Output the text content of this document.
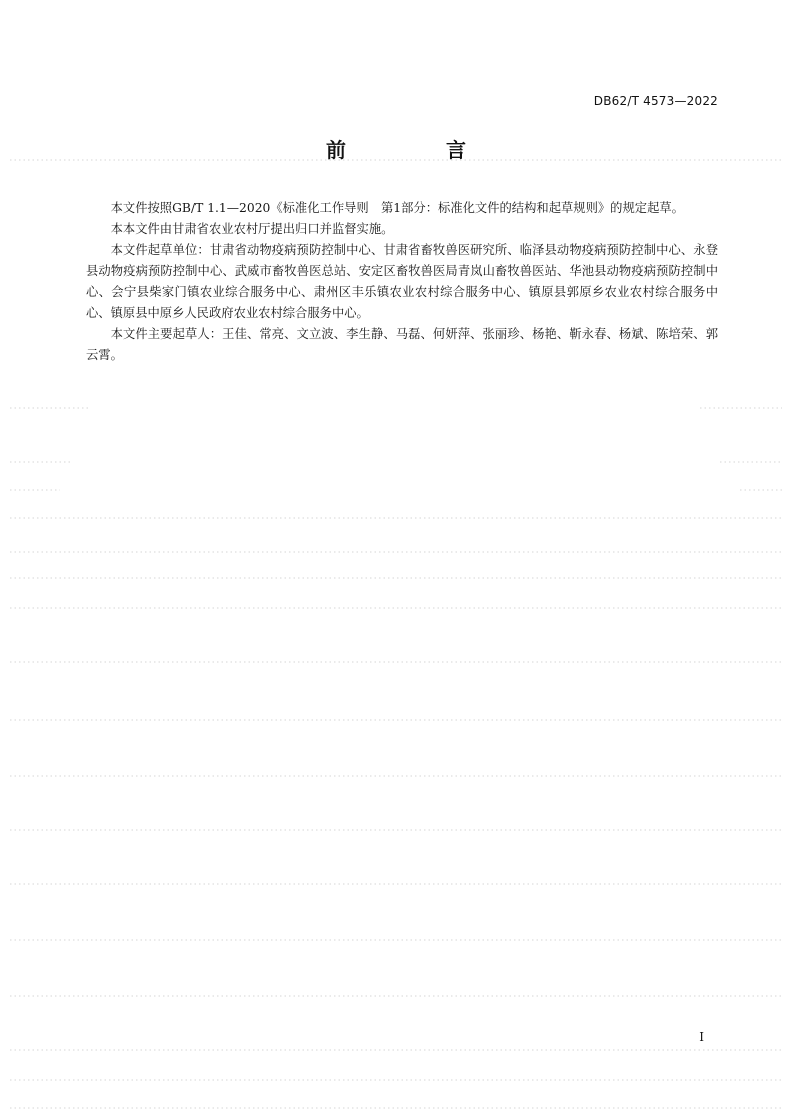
DB62/T 4573—2022
前　言

本文件按照GB/T 1.1—2020《标准化工作导则　第1部分：标准化文件的结构和起草规则》的规定起草。

本本文件由甘肃省农业农村厅提出归口并监督实施。

本文件起草单位：甘肃省动物疫病预防控制中心、甘肃省畜牧兽医研究所、临泽县动物疫病预防控制中心、永登县动物疫病预防控制中心、武威市畜牧兽医总站、安定区畜牧兽医局青岚山畜牧兽医站、华池县动物疫病预防控制中心、会宁县柴家门镇农业综合服务中心、肃州区丰乐镇农业农村综合服务中心、镇原县郭原乡农业农村综合服务中心、镇原县中原乡人民政府农业农村综合服务中心。

本文件主要起草人：王佳、常亮、文立波、李生静、马磊、何妍萍、张丽珍、杨艳、靳永春、杨斌、陈培荣、郭云霄。

I
